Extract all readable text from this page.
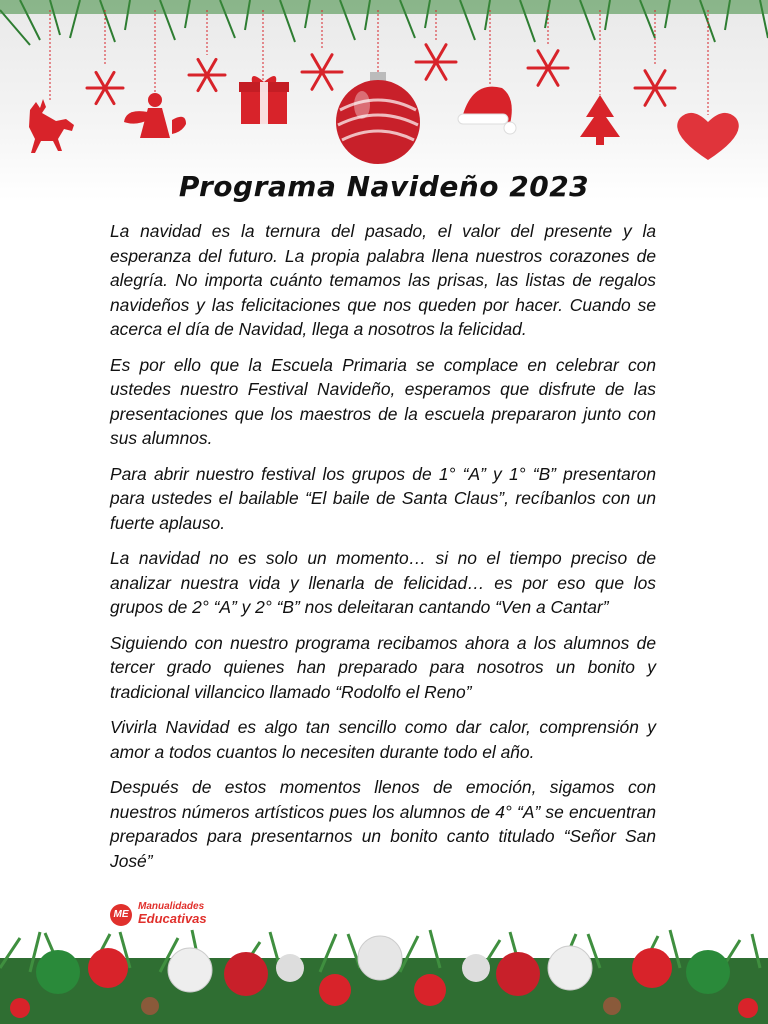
Programa Navideño 2023

La navidad es la ternura del pasado, el valor del presente y la esperanza del futuro. La propia palabra llena nuestros corazones de alegría. No importa cuánto temamos las prisas, las listas de regalos navideños y las felicitaciones que nos queden por hacer. Cuando se acerca el día de Navidad, llega a nosotros la felicidad.

Es por ello que la Escuela Primaria se complace en celebrar con ustedes nuestro Festival Navideño, esperamos que disfrute de las presentaciones que los maestros de la escuela prepararon junto con sus alumnos.

Para abrir nuestro festival los grupos de 1° “A” y 1° “B” presentaron para ustedes el bailable “El baile de Santa Claus”, recíbanlos con un fuerte aplauso.

La navidad no es solo un momento… si no el tiempo preciso de analizar nuestra vida y llenarla de felicidad… es por eso que los grupos de 2° “A” y 2° “B” nos deleitaran cantando “Ven a Cantar”

Siguiendo con nuestro programa recibamos ahora a los alumnos de tercer grado quienes han preparado para nosotros un bonito y tradicional villancico llamado “Rodolfo el Reno”

Vivirla Navidad es algo tan sencillo como dar calor, comprensión y amor a todos cuantos lo necesiten durante todo el año.

Después de estos momentos llenos de emoción, sigamos con nuestros números artísticos pues los alumnos de 4° “A” se encuentran preparados para presentarnos un bonito canto titulado “Señor San José”

ME
Manualidades
Educativas
